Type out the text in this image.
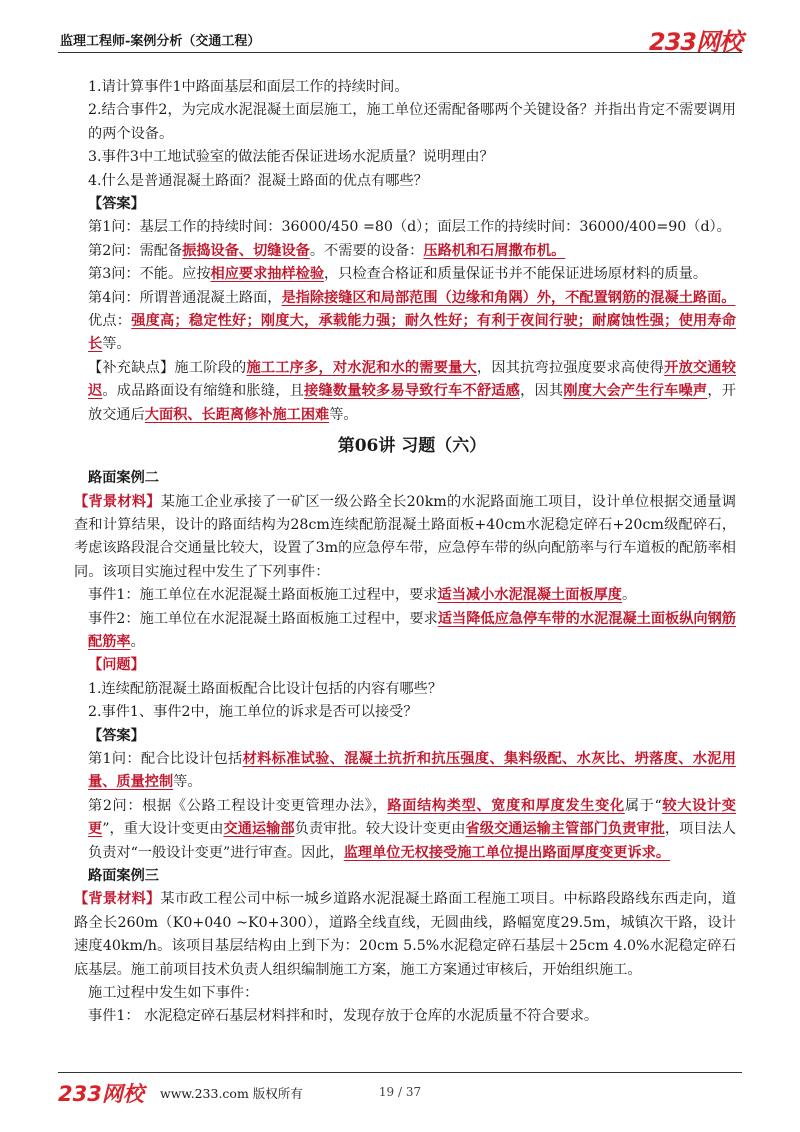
监理工程师-案例分析（交通工程）	233网校

1.请计算事件1中路面基层和面层工作的持续时间。

2.结合事件2，为完成水泥混凝土面层施工，施工单位还需配备哪两个关键设备？并指出肯定不需要调用的两个设备。

3.事件3中工地试验室的做法能否保证进场水泥质量？说明理由？

4.什么是普通混凝土路面？混凝土路面的优点有哪些？

【答案】

第1问：基层工作的持续时间：36000/450 =80（d）；面层工作的持续时间：36000/400=90（d）。

第2问：需配备振捣设备、切缝设备。不需要的设备：压路机和石屑撒布机。

第3问：不能。应按相应要求抽样检验，只检查合格证和质量保证书并不能保证进场原材料的质量。

第4问：所谓普通混凝土路面，是指除接缝区和局部范围（边缘和角隅）外，不配置钢筋的混凝土路面。

优点：强度高；稳定性好；刚度大，承载能力强；耐久性好；有利于夜间行驶；耐腐蚀性强；使用寿命长等。

【补充缺点】施工阶段的施工工序多，对水泥和水的需要量大，因其抗弯拉强度要求高使得开放交通较迟。成品路面设有缩缝和胀缝，且接缝数量较多易导致行车不舒适感，因其刚度大会产生行车噪声，开放交通后大面积、长距离修补施工困难等。

第06讲 习题（六）

路面案例二

【背景材料】某施工企业承接了一矿区一级公路全长20km的水泥路面施工项目，设计单位根据交通量调查和计算结果，设计的路面结构为28cm连续配筋混凝土路面板+40cm水泥稳定碎石+20cm级配碎石，考虑该路段混合交通量比较大，设置了3m的应急停车带，应急停车带的纵向配筋率与行车道板的配筋率相同。该项目实施过程中发生了下列事件：

事件1：施工单位在水泥混凝土路面板施工过程中，要求适当减小水泥混凝土面板厚度。

事件2：施工单位在水泥混凝土路面板施工过程中，要求适当降低应急停车带的水泥混凝土面板纵向钢筋配筋率。

【问题】

1.连续配筋混凝土路面板配合比设计包括的内容有哪些？

2.事件1、事件2中，施工单位的诉求是否可以接受？

【答案】

第1问：配合比设计包括材料标准试验、混凝土抗折和抗压强度、集料级配、水灰比、坍落度、水泥用量、质量控制等。

第2问：根据《公路工程设计变更管理办法》，路面结构类型、宽度和厚度发生变化属于“较大设计变更”，重大设计变更由交通运输部负责审批。较大设计变更由省级交通运输主管部门负责审批，项目法人负责对“一般设计变更”进行审查。因此，监理单位无权接受施工单位提出路面厚度变更诉求。

路面案例三

【背景材料】某市政工程公司中标一城乡道路水泥混凝土路面工程施工项目。中标路段路线东西走向，道路全长260m（K0+040 ~K0+300），道路全线直线，无圆曲线，路幅宽度29.5m，城镇次干路，设计速度40km/h。该项目基层结构由上到下为：20cm 5.5%水泥稳定碎石基层＋25cm 4.0%水泥稳定碎石底基层。施工前项目技术负责人组织编制施工方案，施工方案通过审核后，开始组织施工。

施工过程中发生如下事件：

事件1： 水泥稳定碎石基层材料拌和时，发现存放于仓库的水泥质量不符合要求。

233网校 www.233.com 版权所有	19 / 37
